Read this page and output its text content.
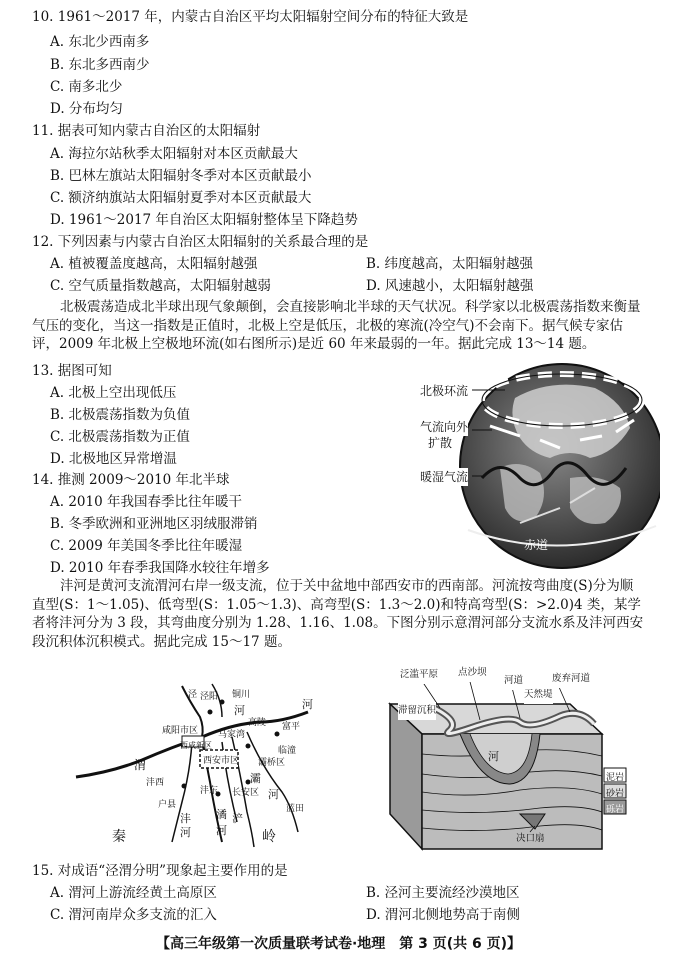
10. 1961～2017 年，内蒙古自治区平均太阳辐射空间分布的特征大致是
A. 东北少西南多
B. 东北多西南少
C. 南多北少
D. 分布均匀
11. 据表可知内蒙古自治区的太阳辐射
A. 海拉尔站秋季太阳辐射对本区贡献最大
B. 巴林左旗站太阳辐射冬季对本区贡献最小
C. 额济纳旗站太阳辐射夏季对本区贡献最大
D. 1961～2017 年自治区太阳辐射整体呈下降趋势
12. 下列因素与内蒙古自治区太阳辐射的关系最合理的是
A. 植被覆盖度越高，太阳辐射越强	B. 纬度越高，太阳辐射越强
C. 空气质量指数越高，太阳辐射越弱	D. 风速越小，太阳辐射越强
北极震荡造成北半球出现气象颠倒，会直接影响北半球的天气状况。科学家以北极震荡指数来衡量气压的变化，当这一指数是正值时，北极上空是低压，北极的寒流(冷空气)不会南下。据气候专家估评，2009 年北极上空极地环流(如右图所示)是近 60 年来最弱的一年。据此完成 13～14 题。
13. 据图可知
A. 北极上空出现低压
B. 北极震荡指数为负值
C. 北极震荡指数为正值
D. 北极地区异常增温
14. 推测 2009～2010 年北半球
A. 2010 年我国春季比往年暖干
B. 冬季欧洲和亚洲地区羽绒服滞销
C. 2009 年美国冬季比往年暖湿
D. 2010 年春季我国降水较往年增多
北极环流
气流向外
扩散
暖湿气流
赤道
沣河是黄河支流渭河右岸一级支流，位于关中盆地中部西安市的西南部。河流按弯曲度(S)分为顺直型(S：1～1.05)、低弯型(S：1.05～1.3)、高弯型(S：1.3～2.0)和特高弯型(S：>2.0)4 类，某学者将沣河分为 3 段，其弯曲度分别为 1.28、1.16、1.08。下图分别示意渭河部分支流水系及沣河西安段沉积体沉积模式。据此完成 15～17 题。
泾阳
高陵
咸阳市区 马家湾
临潼
西安市区 灞桥区
西咸新区
沣西
沣东
户县
长安区
蓝田
秦	岭
渭
河
泾
河
沣
河
潏
灞
浐
河
河
铜川
富平
泛滥平原 点沙坝
河道	废弃河道
天然堤
滞留沉积
河
泥岩
砂岩
砾岩
决口扇
15. 对成语“泾渭分明”现象起主要作用的是
A. 渭河上游流经黄土高原区	B. 泾河主要流经沙漠地区
C. 渭河南岸众多支流的汇入	D. 渭河北侧地势高于南侧
【高三年级第一次质量联考试卷·地理　第 3 页(共 6 页)】
